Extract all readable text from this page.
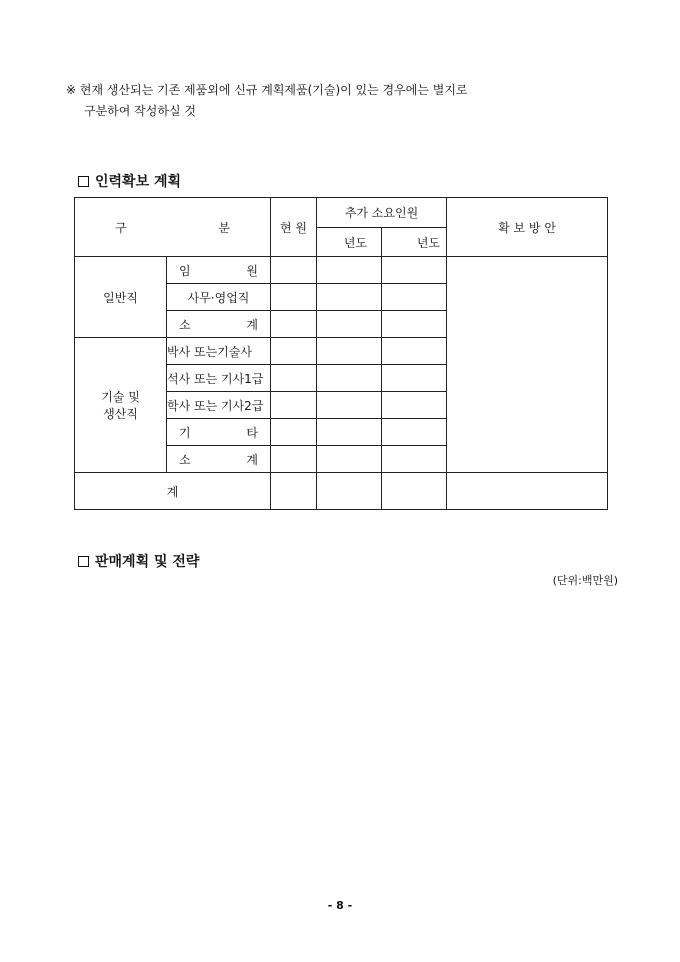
※ 현재 생산되는 기존 제품외에 신규 계획제품(기술)이 있는 경우에는 별지로
구분하여 작성하실 것
인력확보 계획
구 분		현 원	추가 소요인원		확 보 방 안
			년도	년도	
일반직	임 원				

	사무·영업직				

	소 계				

기술 및
생산직	박사 또는기술사				
	석사 또는 기사1급				
	학사 또는 기사2급				

	기 타				

	소 계				

계					
판매계획 및 전략
(단위:백만원)
- 8 -
